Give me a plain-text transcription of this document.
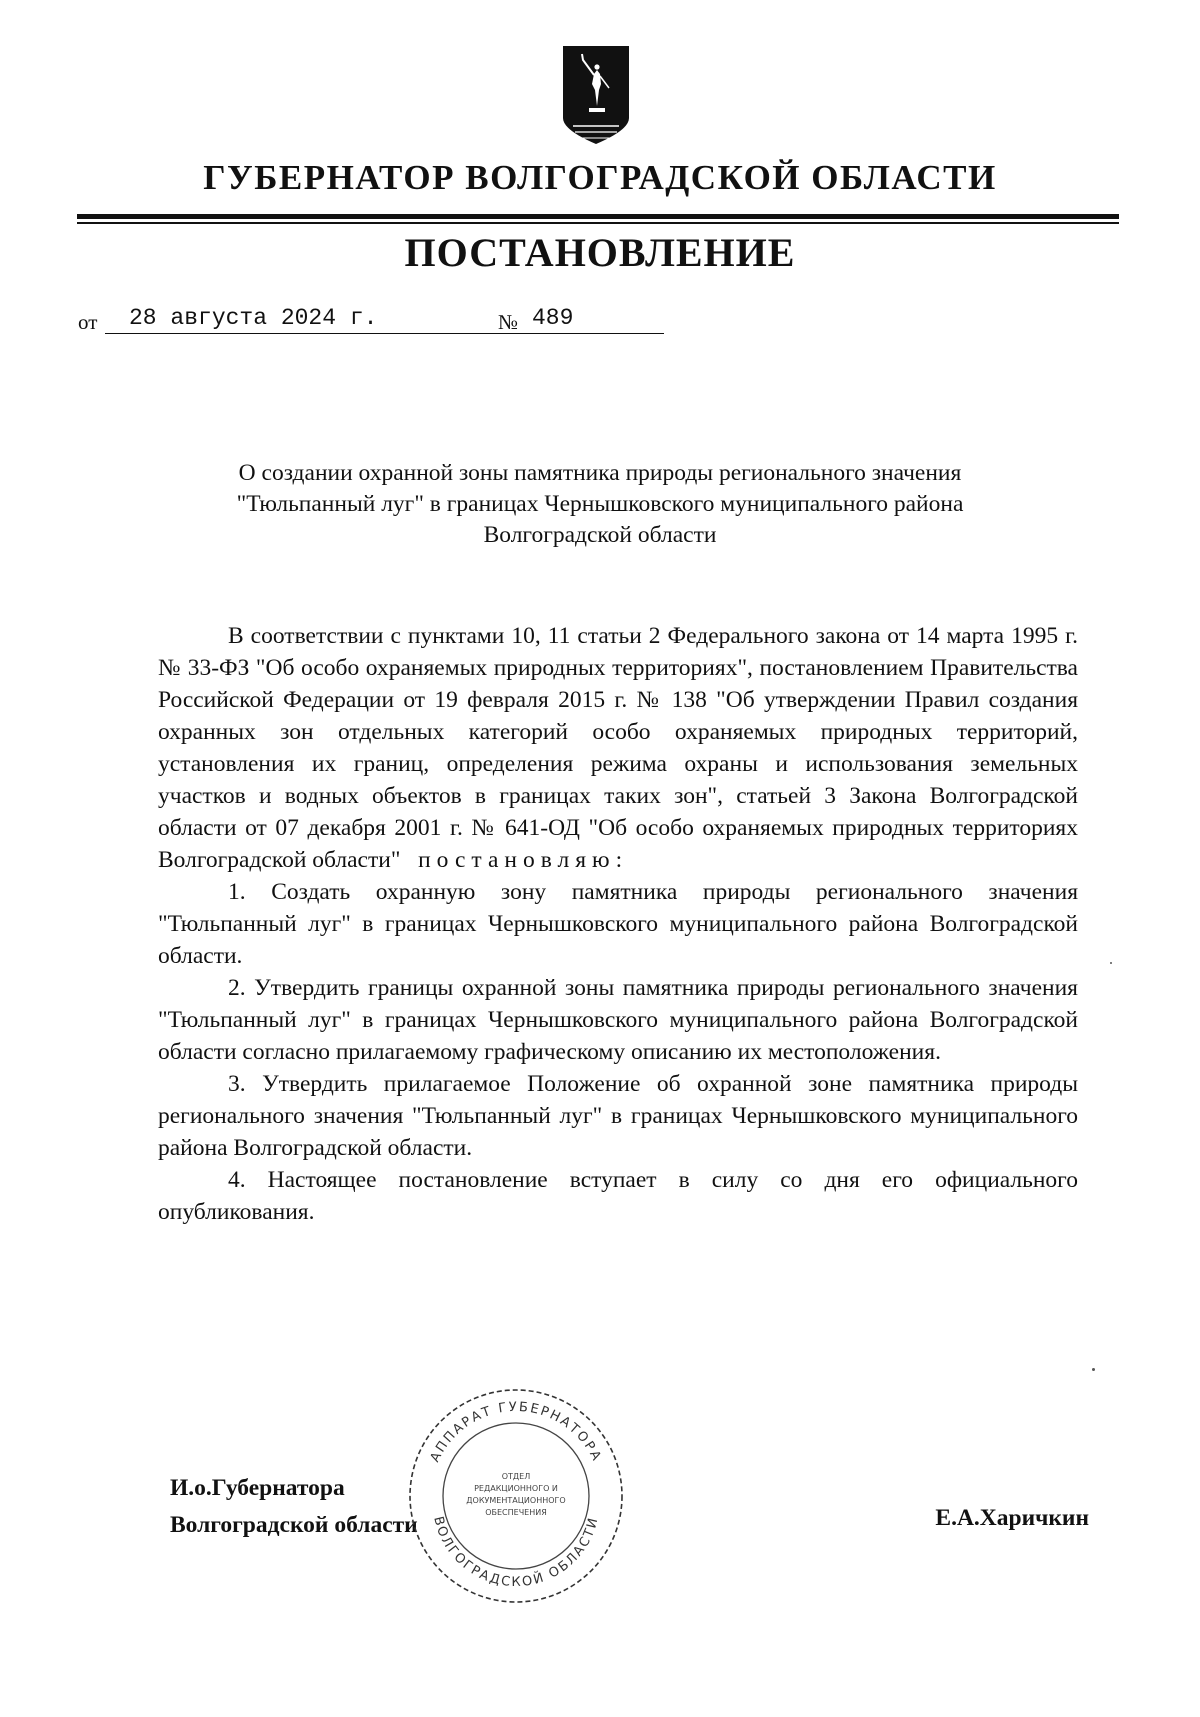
ГУБЕРНАТОР ВОЛГОГРАДСКОЙ ОБЛАСТИ
ПОСТАНОВЛЕНИЕ
от	28 августа 2024 г.	№ 489
О создании охранной зоны памятника природы регионального значения
"Тюльпанный луг" в границах Чернышковского муниципального района
Волгоградской области

В соответствии с пунктами 10, 11 статьи 2 Федерального закона от 14 марта 1995 г. № 33-ФЗ "Об особо охраняемых природных территориях", постановлением Правительства Российской Федерации от 19 февраля 2015 г. № 138 "Об утверждении Правил создания охранных зон отдельных категорий особо охраняемых природных территорий, установления их границ, определения режима охраны и использования земельных участков и водных объектов в границах таких зон", статьей 3 Закона Волгоградской области от 07 декабря 2001 г. № 641-ОД "Об особо охраняемых природных территориях Волгоградской области" постановляю:

1. Создать охранную зону памятника природы регионального значения "Тюльпанный луг" в границах Чернышковского муниципального района Волгоградской области.

2. Утвердить границы охранной зоны памятника природы регионального значения "Тюльпанный луг" в границах Чернышковского муниципального района Волгоградской области согласно прилагаемому графическому описанию их местоположения.

3. Утвердить прилагаемое Положение об охранной зоне памятника природы регионального значения "Тюльпанный луг" в границах Чернышковского муниципального района Волгоградской области.

4. Настоящее постановление вступает в силу со дня его официального опубликования.

И.о.Губернатора
Волгоградской области	Е.А.Харичкин
АППАРАТ ГУБЕРНАТОРА
ВОЛГОГРАДСКОЙ ОБЛАСТИ
ОТДЕЛ
РЕДАКЦИОННОГО И
ДОКУМЕНТАЦИОННОГО
ОБЕСПЕЧЕНИЯ
